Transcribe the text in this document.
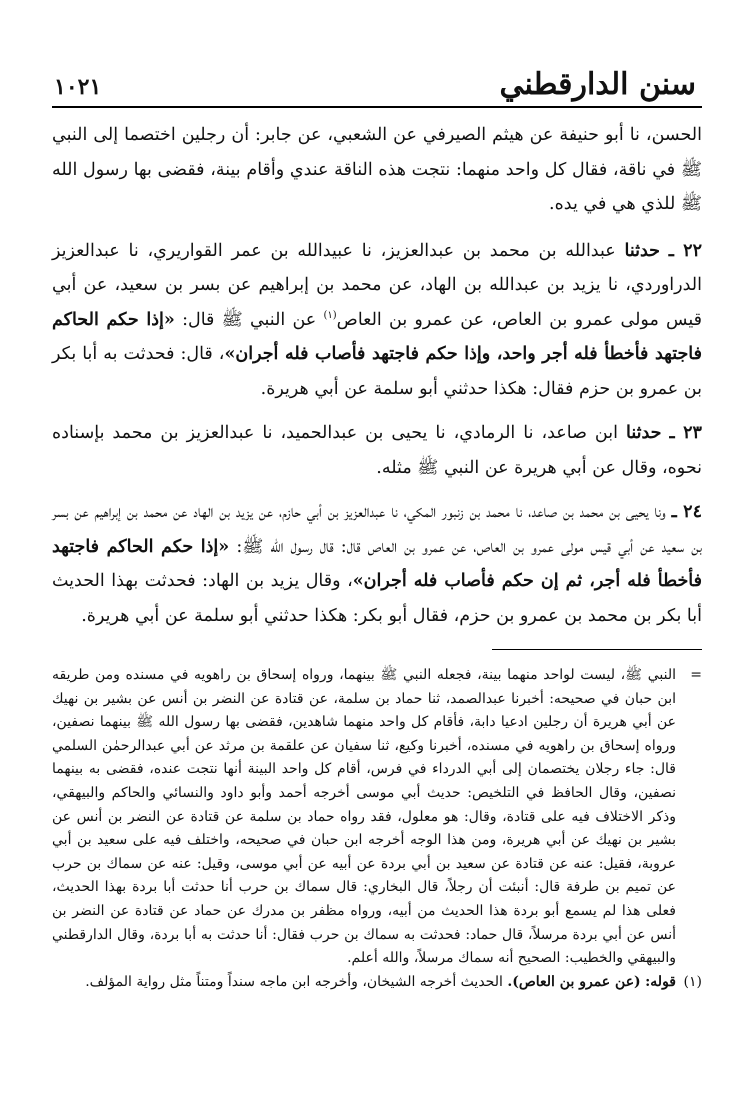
سنن الدارقطني
١٠٢١

الحسن، نا أبو حنيفة عن هيثم الصيرفي عن الشعبي، عن جابر: أن رجلين اختصما إلى النبي ﷺ في ناقة، فقال كل واحد منهما: نتجت هذه الناقة عندي وأقام بينة، فقضى بها رسول الله ﷺ للذي هي في يده.

٢٢ ـ حدثنا عبدالله بن محمد بن عبدالعزيز، نا عبيدالله بن عمر القواريري، نا عبدالعزيز الدراوردي، نا يزيد بن عبدالله بن الهاد، عن محمد بن إبراهيم عن بسر بن سعيد، عن أبي قيس مولى عمرو بن العاص، عن عمرو بن العاص$^{(١)}$ عن النبي ﷺ قال: «إذا حكم الحاكم فاجتهد فأخطأ فله أجر واحد، وإذا حكم فاجتهد فأصاب فله أجران»، قال: فحدثت به أبا بكر بن عمرو بن حزم فقال: هكذا حدثني أبو سلمة عن أبي هريرة.

٢٣ ـ حدثنا ابن صاعد، نا الرمادي، نا يحيى بن عبدالحميد، نا عبدالعزيز بن محمد بإسناده نحوه، وقال عن أبي هريرة عن النبي ﷺ مثله.

٢٤ ـ ونا يحيى بن محمد بن صاعد، نا محمد بن زنبور المكي، نا عبدالعزيز بن أبي حازم، عن يزيد بن الهاد عن محمد بن إبراهيم عن بسر بن سعيد عن أبي قيس مولى عمرو بن العاص، عن عمرو بن العاص قال: قال رسول الله ﷺ: «إذا حكم الحاكم فاجتهد فأخطأ فله أجر، ثم إن حكم فأصاب فله أجران»، وقال يزيد بن الهاد: فحدثت بهذا الحديث أبا بكر بن محمد بن عمرو بن حزم، فقال أبو بكر: هكذا حدثني أبو سلمة عن أبي هريرة.

=
النبي ﷺ، ليست لواحد منهما بينة، فجعله النبي ﷺ بينهما، ورواه إسحاق بن راهويه في مسنده ومن طريقه ابن حبان في صحيحه: أخبرنا عبدالصمد، ثنا حماد بن سلمة، عن قتادة عن النضر بن أنس عن بشير بن نهيك عن أبي هريرة أن رجلين ادعيا دابة، فأقام كل واحد منهما شاهدين، فقضى بها رسول الله ﷺ بينهما نصفين، ورواه إسحاق بن راهويه في مسنده، أخبرنا وكيع، ثنا سفيان عن علقمة بن مرثد عن أبي عبدالرحمٰن السلمي قال: جاء رجلان يختصمان إلى أبي الدرداء في فرس، أقام كل واحد البينة أنها نتجت عنده، فقضى به بينهما نصفين، وقال الحافظ في التلخيص: حديث أبي موسى أخرجه أحمد وأبو داود والنسائي والحاكم والبيهقي، وذكر الاختلاف فيه على قتادة، وقال: هو معلول، فقد رواه حماد بن سلمة عن قتادة عن النضر بن أنس عن بشير بن نهيك عن أبي هريرة، ومن هذا الوجه أخرجه ابن حبان في صحيحه، واختلف فيه على سعيد بن أبي عروبة، فقيل: عنه عن قتادة عن سعيد بن أبي بردة عن أبيه عن أبي موسى، وقيل: عنه عن سماك بن حرب عن تميم بن طرفة قال: أنبئت أن رجلاً، قال البخاري: قال سماك بن حرب أنا حدثت أبا بردة بهذا الحديث، فعلى هذا لم يسمع أبو بردة هذا الحديث من أبيه، ورواه مظفر بن مدرك عن حماد عن قتادة عن النضر بن أنس عن أبي بردة مرسلاً، قال حماد: فحدثت به سماك بن حرب فقال: أنا حدثت به أبا بردة، وقال الدارقطني والبيهقي والخطيب: الصحيح أنه سماك مرسلاً، والله أعلم.
(١)
قوله: (عن عمرو بن العاص). الحديث أخرجه الشيخان، وأخرجه ابن ماجه سنداً ومتناً مثل رواية المؤلف.
